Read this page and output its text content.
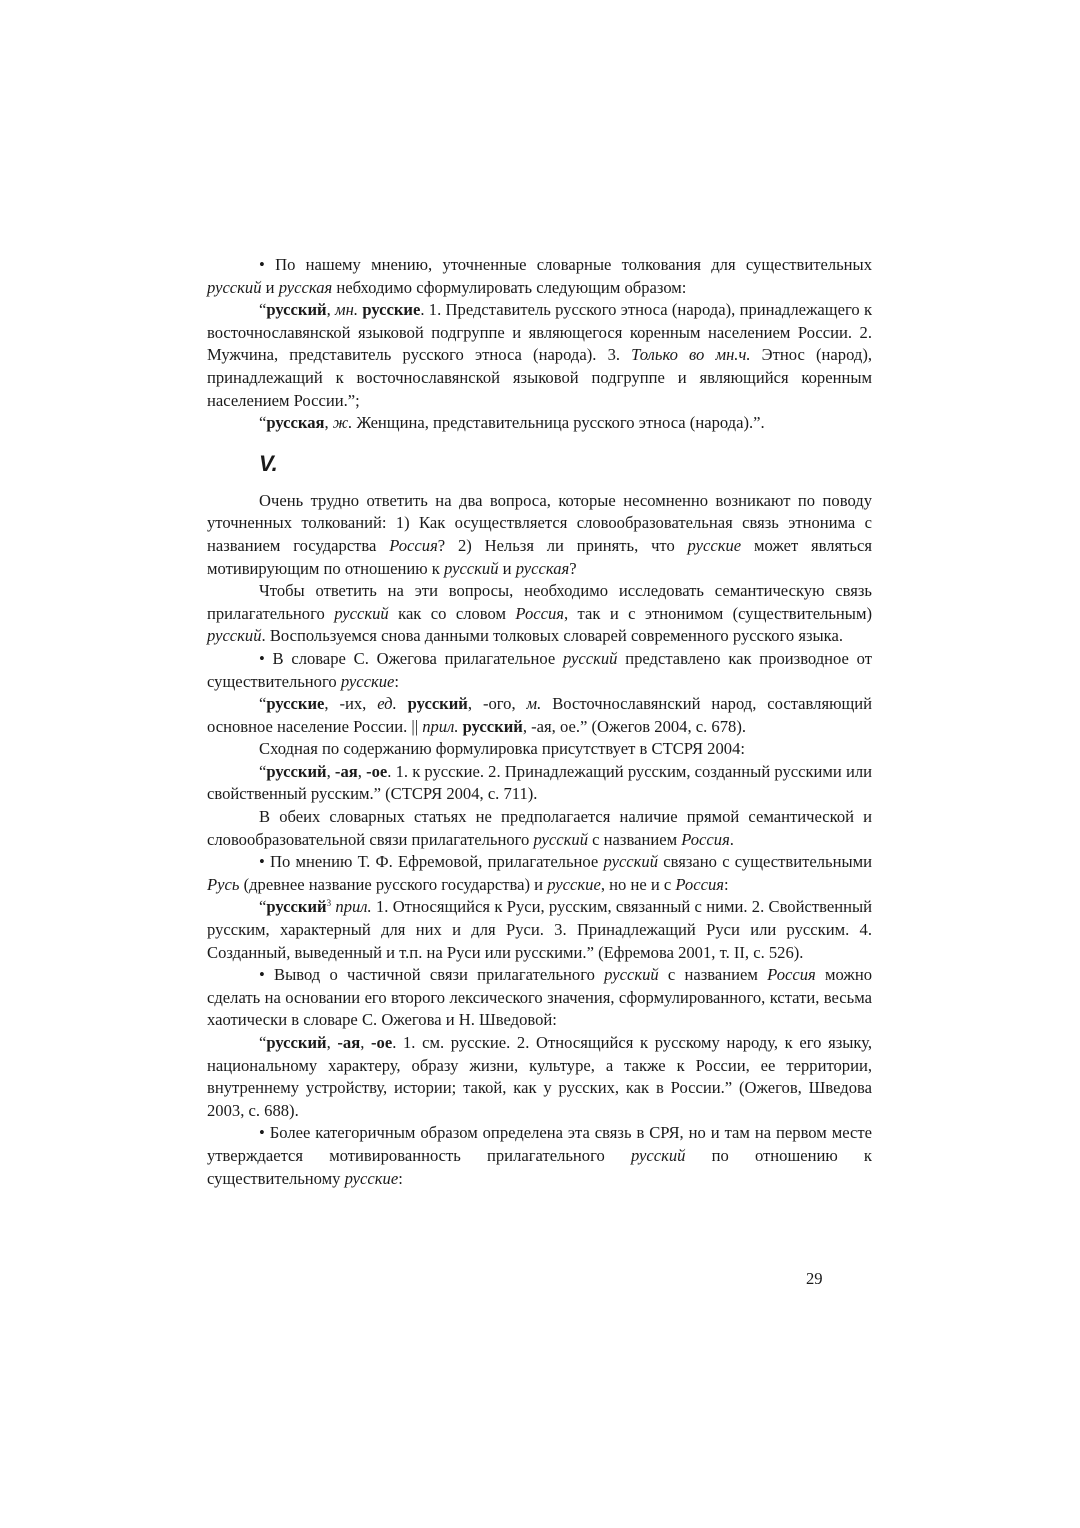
• По нашему мнению, уточненные словарные толкования для существительных русский и русская небходимо сформулировать следующим образом:

“русский, мн. русские. 1. Представитель русского этноса (народа), принадлежащего к восточнославянской языковой подгруппе и являющегося коренным населением России. 2. Мужчина, представитель русского этноса (народа). 3. Только во мн.ч. Этнос (народ), принадлежащий к восточнославянской языковой подгруппе и являющийся коренным населением России.”;

“русская, ж. Женщина, представительница русского этноса (народа).”.

V.

Очень трудно ответить на два вопроса, которые несомненно возникают по поводу уточненных толкований: 1) Как осуществляется словообразовательная связь этнонима с названием государства Россия? 2) Нельзя ли принять, что русские может являться мотивирующим по отношению к русский и русская?

Чтобы ответить на эти вопросы, необходимо исследовать семантическую связь прилагательного русский как со словом Россия, так и с этнонимом (существительным) русский. Воспользуемся снова данными толковых словарей современного русского языка.

• В словаре С. Ожегова прилагательное русский представлено как производное от существительного русские:

“русские, -их, ед. русский, -ого, м. Восточнославянский народ, составляющий основное население России. || прил. русский, -ая, ое.” (Ожегов 2004, с. 678).

Сходная по содержанию формулировка присутствует в СТСРЯ 2004:

“русский, -ая, -ое. 1. к русские. 2. Принадлежащий русским, созданный русскими или свойственный русским.” (СТСРЯ 2004, с. 711).

В обеих словарных статьях не предполагается наличие прямой семантической и словообразовательной связи прилагательного русский с названием Россия.

• По мнению Т. Ф. Ефремовой, прилагательное русский связано с существительными Русь (древнее название русского государства) и русские, но не и с Россия:

“русский$^3$ прил. 1. Относящийся к Руси, русским, связанный с ними. 2. Свойственный русским, характерный для них и для Руси. 3. Принадлежащий Руси или русским. 4. Созданный, выведенный и т.п. на Руси или русскими.” (Ефремова 2001, т. II, с. 526).

• Вывод о частичной связи прилагательного русский с названием Россия можно сделать на основании его второго лексического значения, сформулированного, кстати, весьма хаотически в словаре С. Ожегова и Н. Шведовой:

“русский, -ая, -ое. 1. см. русские. 2. Относящийся к русскому народу, к его языку, национальному характеру, образу жизни, культуре, а также к России, ее территории, внутреннему устройству, истории; такой, как у русских, как в России.” (Ожегов, Шведова 2003, с. 688).

• Более категоричным образом определена эта связь в СРЯ, но и там на первом месте утверждается мотивированность прилагательного русский по отношению к существительному русские:

29
